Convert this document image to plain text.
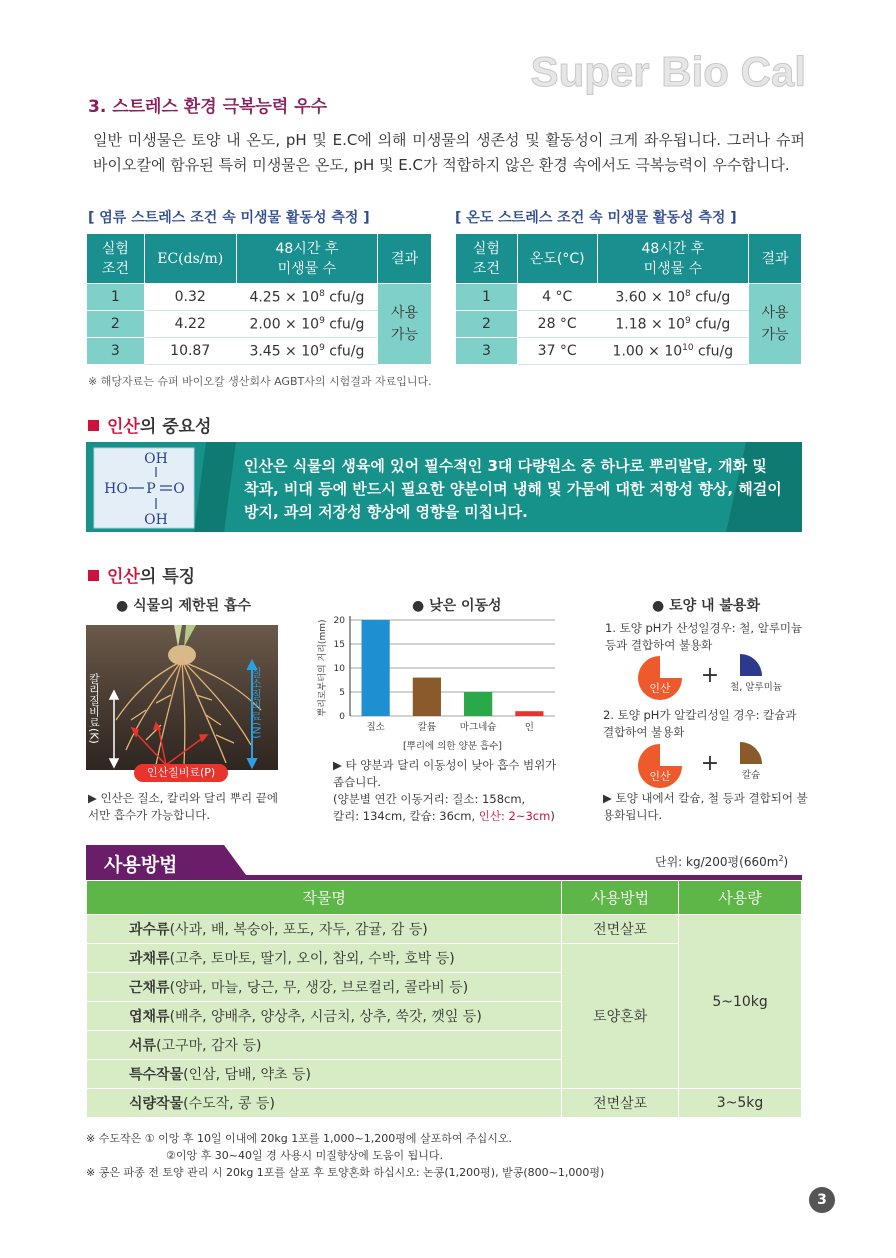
Super Bio Cal
3. 스트레스 환경 극복능력 우수
일반 미생물은 토양 내 온도, pH 및 E.C에 의해 미생물의 생존성 및 활동성이 크게 좌우됩니다. 그러나 슈퍼 바이오칼에 함유된 특허 미생물은 온도, pH 및 E.C가 적합하지 않은 환경 속에서도 극복능력이 우수합니다.
[ 염류 스트레스 조건 속 미생물 활동성 측정 ]
실험
조건	EC(ds/m)	48시간 후
미생물 수	결과
1	0.32	$4.25 \times 10^8$ cfu/g	사용
가능
2	4.22	$2.00 \times 10^9$ cfu/g	
3	10.87	$3.45 \times 10^9$ cfu/g	
[ 온도 스트레스 조건 속 미생물 활동성 측정 ]
실험
조건	온도(°C)	48시간 후
미생물 수	결과
1	4 °C	$3.60 \times 10^8$ cfu/g	사용
가능
2	28 °C	$1.18 \times 10^9$ cfu/g	
3	37 °C	$1.00 \times 10^{10}$ cfu/g	
※ 해당자료는 슈퍼 바이오칼 생산회사 AGBT사의 시험결과 자료입니다.
인산의 중요성
OH
HO P O
OH
인산은 식물의 생육에 있어 필수적인 3대 다량원소 중 하나로 뿌리발달, 개화 및 착과, 비대 등에 반드시 필요한 양분이며 냉해 및 가뭄에 대한 저항성 향상, 해걸이 방지, 과의 저장성 향상에 영향을 미칩니다.
인산의 특징
● 식물의 제한된 흡수
칼리질비료(K)	질소질비료(N)
인산질비료(P)
▶ 인산은 질소, 칼리와 달리 뿌리 끝에서만 흡수가 가능합니다.
● 낮은 이동성
0
5
10
15
20
질소	칼륨 마그네슘	인
[뿌리에 의한 양분 흡수]
뿌리로부터의 거리(mm)
▶ 타 양분과 달리 이동성이 낮아 흡수 범위가 좁습니다.
(양분별 연간 이동거리: 질소: 158cm,
칼리: 134cm, 칼슘: 36cm, 인산: 2~3cm)
● 토양 내 불용화
1. 토양 pH가 산성일경우: 철, 알루미늄 등과 결합하여 불용화
인산
+ 철, 알루미늄
2. 토양 pH가 알칼리성일 경우: 칼슘과 결합하여 불용화
인산
+ 칼슘
▶ 토양 내에서 칼슘, 철 등과 결합되어 불용화됩니다.
사용방법	단위: kg/200평$(660m^2)$
작물명	사용방법	사용량
과수류(사과, 배, 복숭아, 포도, 자두, 감귤, 감 등)	전면살포	5~10kg
과채류(고추, 토마토, 딸기, 오이, 참외, 수박, 호박 등)	토양혼화	
근채류(양파, 마늘, 당근, 무, 생강, 브로컬리, 콜라비 등)		
엽채류(배추, 양배추, 양상추, 시금치, 상추, 쑥갓, 깻잎 등)		
서류(고구마, 감자 등)		
특수작물(인삼, 담배, 약초 등)		
식량작물(수도작, 콩 등)	전면살포	3~5kg
※ 수도작은 ① 이앙 후 10일 이내에 20kg 1포를 1,000~1,200평에 살포하여 주십시오.
②이앙 후 30~40일 경 사용시 미질향상에 도움이 됩니다.
※ 콩은 파종 전 토양 관리 시 20kg 1포를 살포 후 토양혼화 하십시오: 논콩(1,200평), 밭콩(800~1,000평)
3
